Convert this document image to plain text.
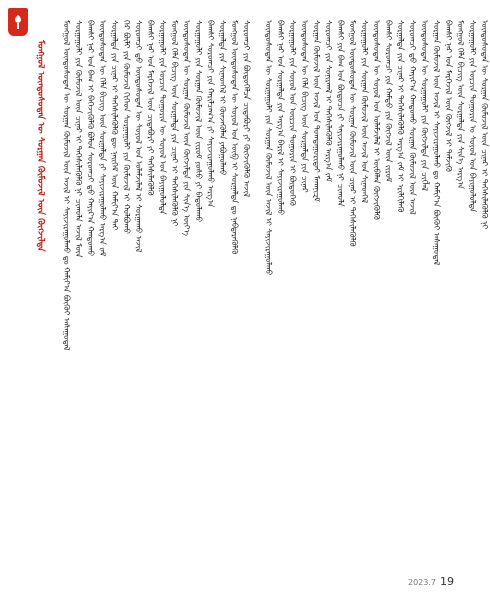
ᠮᠣᠩᠭᠣᠯ ᠦᠨᠳᠦᠰᠦᠲᠡᠨ ᠦ ᠰᠤᠷᠭᠠᠨ ᠬᠦᠮᠦᠵᠢᠯ ᠦᠨ ᠬᠥᠭᠵᠢᠯᠲᠡ ᠮᠣᠩᠭᠣᠯ ᠦᠨᠳᠦᠰᠦᠲᠡᠨ ᠦ ᠰᠤᠷᠭᠠᠨ ᠬᠦᠮᠦᠵᠢᠯ ᠦᠨ ᠠᠵᠢᠯ ᠢ ᠰᠠᠶᠢᠵᠢᠷᠠᠭᠤᠯᠬᠤ ᠳᠤ ᠬᠠᠮᠢᠶ᠎ᠠ ᠪᠦᠬᠦᠢ ᠠᠰᠠᠭᠤᠳᠠᠯ ᠰᠤᠷᠭᠠᠭᠤᠯᠢ ᠶᠢᠨ ᠬᠦᠮᠦᠵᠢᠯ ᠦᠨ ᠴᠢᠨᠠᠷ ᠢ ᠳᠡᠭᠡᠰᠢᠯᠡᠭᠦᠯᠬᠦ ᠨᠢ ᠴᠢᠬᠤᠯᠠ ᠠᠵᠢᠯ ᠮᠦᠨ ᠪᠠᠭᠰᠢ ᠨᠠᠷ ᠤᠨ ᠪᠠᠭ ᠢ ᠪᠡᠭᠡᠵᠢᠭᠦᠯᠬᠦ ᠪᠣᠯᠣᠨ ᠰᠤᠷᠤᠭᠴᠢ ᠳ᠋ᠤ ᠬᠠᠶᠢᠷ᠎ᠠ ᠬᠠᠨᠳᠤᠬᠤ ᠦᠨᠳᠦᠰᠦᠲᠡᠨ ᠦ ᠬᠡᠯᠡ ᠪᠢᠴᠢᠭ ᠦᠨ ᠰᠤᠷᠭᠠᠯᠲᠠ ᠶᠢ ᠰᠠᠶᠢᠵᠢᠷᠠᠭᠤᠯᠬᠤ ᠠᠷᠭ᠎ᠠ ᠵᠠᠮ ᠰᠤᠷᠭᠠᠯᠲᠠ ᠶᠢᠨ ᠴᠢᠨᠠᠷ ᠢ ᠳᠡᠭᠡᠰᠢᠯᠡᠭᠦᠯᠬᠦ ᠳᠦ ᠨᠡᠢᠭᠡᠮ ᠦᠨ ᠬᠠᠮᠢᠶ᠎ᠠ ᠲᠠᠢ ᠭᠡᠷ ᠪᠦᠯᠢ ᠶᠢᠨ ᠬᠦᠮᠦᠵᠢᠯ ᠬᠢᠭᠡᠳ ᠰᠤᠷᠭᠠᠭᠤᠯᠢ ᠶᠢᠨ ᠬᠦᠮᠦᠵᠢᠯ ᠢ ᠬᠣᠯᠪᠣᠬᠤ ᠰᠤᠷᠤᠭᠴᠢ ᠳ᠋ᠤ ᠦᠨᠳᠦᠰᠦᠲᠡᠨ ᠦ ᠰᠣᠶᠣᠯ ᠤᠨ ᠤᠯᠠᠮᠵᠢᠯᠠᠯ ᠢ ᠰᠤᠷᠭᠠᠬᠤ ᠠᠵᠢᠯ ᠪᠠᠭᠰᠢ ᠨᠠᠷ ᠤᠨ ᠮᠡᠷᠭᠡᠵᠢᠯ ᠦᠨ ᠴᠢᠳᠠᠪᠤᠷᠢ ᠶᠢ ᠳᠡᠭᠡᠰᠢᠯᠡᠭᠦᠯᠬᠦ ᠰᠤᠷᠭᠠᠭᠤᠯᠢ ᠶᠢᠨ ᠣᠷᠴᠢᠨ ᠲᠣᠭᠣᠷᠢᠨ ᠦ ᠰᠣᠶᠣᠯ ᠤᠨ ᠪᠠᠶᠢᠭᠤᠯᠤᠯᠲᠠ ᠮᠣᠩᠭᠣᠯ ᠬᠡᠯᠡ ᠪᠢᠴᠢᠭ ᠦᠨ ᠰᠤᠷᠭᠠᠯᠲᠠ ᠶᠢᠨ ᠴᠢᠨᠠᠷ ᠢ ᠳᠡᠭᠡᠰᠢᠯᠡᠭᠦᠯᠬᠦ ᠨᠢ ᠦᠨᠳᠦᠰᠦᠲᠡᠨ ᠦ ᠰᠤᠷᠭᠠᠨ ᠬᠦᠮᠦᠵᠢᠯ ᠦᠨ ᠬᠥᠭᠵᠢᠯᠲᠡ ᠶᠢᠨ ᠰᠢᠨ᠎ᠡ ᠦᠶ᠎ᠡ ᠰᠤᠷᠭᠠᠭᠤᠯᠢ ᠶᠢᠨ ᠰᠤᠷᠭᠠᠨ ᠬᠦᠮᠦᠵᠢᠯ ᠦᠨ ᠵᠢᠷᠤᠮ ᠶᠣᠰᠤ ᠶᠢ ᠪᠠᠲᠤᠯᠠᠬᠤ ᠪᠠᠭᠰᠢ ᠰᠤᠷᠤᠭᠴᠢ ᠶᠢᠨ ᠬᠠᠷᠢᠯᠴᠠᠭ᠎ᠠ ᠶᠢ ᠰᠠᠶᠢᠵᠢᠷᠠᠭᠤᠯᠬᠤ ᠠᠷᠭ᠎ᠠ ᠰᠤᠷᠭᠠᠯᠲᠠ ᠶᠢᠨ ᠰᠢᠨᠡᠳᠬᠡᠯ ᠢ ᠭᠦᠨᠵᠡᠭᠦᠯᠡᠨ ᠶᠠᠪᠤᠭᠤᠯᠬᠤ ᠮᠣᠩᠭᠣᠯ ᠦᠨᠳᠦᠰᠦᠲᠡᠨ ᠦ ᠰᠣᠶᠣᠯ ᠤᠨ ᠦᠪ ᠢ ᠰᠤᠷᠭᠠᠯᠲᠠ ᠳᠤ ᠨᠡᠪᠲᠡᠷᠡᠭᠦᠯᠬᠦ ᠰᠤᠷᠤᠭᠴᠢ ᠶᠢᠨ ᠪᠦᠲᠦᠭᠡᠯᠴᠡ ᠴᠢᠳᠠᠪᠤᠷᠢ ᠶᠢ ᠬᠥᠭᠵᠢᠭᠦᠯᠬᠦ ᠠᠵᠢᠯ ᠦᠨᠳᠦᠰᠦᠲᠡᠨ ᠦ ᠰᠤᠷᠭᠠᠭᠤᠯᠢ ᠶᠢᠨ ᠰᠤᠷᠭᠠᠨ ᠬᠦᠮᠦᠵᠢᠯ ᠦᠨ ᠠᠵᠢᠯ ᠢ ᠰᠠᠶᠢᠵᠢᠷᠠᠭᠤᠯᠬᠤ ᠪᠠᠭᠰᠢ ᠨᠠᠷ ᠤᠨ ᠰᠤᠷᠭᠠᠯᠲᠠ ᠶᠢᠨ ᠠᠷᠭ᠎ᠠ ᠪᠠᠷᠢᠯ ᠢ ᠰᠠᠶᠢᠵᠢᠷᠠᠭᠤᠯᠬᠤ ᠰᠤᠷᠭᠠᠭᠤᠯᠢ ᠶᠢᠨ ᠰᠣᠶᠣᠯ ᠤᠨ ᠥᠷᠴᠢᠨ ᠲᠣᠭᠣᠷᠢᠨ ᠢ ᠪᠦᠲᠦᠭᠡᠬᠦ ᠦᠨᠳᠦᠰᠦᠲᠡᠨ ᠦ ᠬᠡᠯᠡ ᠪᠢᠴᠢᠭ ᠦᠨ ᠰᠤᠷᠭᠠᠯᠲᠠ ᠶᠢᠨ ᠴᠢᠨᠠᠷ ᠰᠤᠷᠭᠠᠨ ᠬᠦᠮᠦᠵᠢᠯ ᠦᠨ ᠠᠵᠢᠯ ᠤᠨ ᠲᠣᠭᠲᠠᠭᠤᠷᠢᠲᠠᠢ ᠮᠡᠬᠠᠨᠢᠽᠮ ᠰᠤᠷᠤᠭᠴᠢ ᠶᠢᠨ ᠰᠣᠨᠢᠷᠬᠠᠯ ᠢ ᠳᠡᠭᠡᠰᠢᠯᠡᠭᠦᠯᠬᠦ ᠠᠷᠭ᠎ᠠ ᠵᠠᠮ ᠪᠠᠭᠰᠢ ᠶᠢᠨ ᠪᠠᠭ ᠤᠨ ᠪᠦᠲᠦᠴᠡ ᠶᠢ ᠰᠠᠶᠢᠵᠢᠷᠠᠭᠤᠯᠬᠤ ᠨᠢ ᠴᠢᠬᠤᠯᠠ ᠮᠣᠩᠭᠣᠯ ᠦᠨᠳᠦᠰᠦᠲᠡᠨ ᠦ ᠰᠤᠷᠭᠠᠨ ᠬᠦᠮᠦᠵᠢᠯ ᠦᠨ ᠴᠢᠨᠠᠷ ᠢ ᠳᠡᠭᠡᠰᠢᠯᠡᠭᠦᠯᠬᠦ ᠰᠤᠷᠭᠠᠭᠤᠯᠢ ᠶᠢᠨ ᠰᠤᠷᠭᠠᠨ ᠬᠦᠮᠦᠵᠢᠯ ᠦᠨ ᠠᠵᠢᠯ ᠤᠨ ᠰᠢᠨᠡᠳᠬᠡᠯ ᠦᠨᠳᠦᠰᠦᠲᠡᠨ ᠦ ᠰᠣᠶᠣᠯ ᠤᠨ ᠤᠯᠠᠮᠵᠢᠯᠠᠯ ᠢ ᠥᠪᠡᠯᠡᠨ ᠬᠥᠭᠵᠢᠭᠦᠯᠬᠦ ᠪᠠᠭᠰᠢ ᠰᠤᠷᠤᠭᠴᠢ ᠶᠢᠨ ᠬᠠᠮᠲᠤ ᠶᠢᠨ ᠬᠥᠭᠵᠢᠯ ᠦᠨ ᠵᠢᠷᠤᠮ ᠰᠤᠷᠭᠠᠯᠲᠠ ᠶᠢᠨ ᠴᠢᠨᠠᠷ ᠢ ᠳᠡᠭᠡᠰᠢᠯᠡᠭᠦᠯᠬᠦ ᠠᠷᠭ᠎ᠠ ᠵᠠᠮ ᠢ ᠡᠷᠢᠯᠬᠢᠯᠡᠬᠦ ᠰᠤᠷᠤᠭᠴᠢ ᠳ᠋ᠤ ᠬᠠᠶᠢᠷ᠎ᠠ ᠬᠠᠨᠳᠤᠬᠤ ᠰᠤᠷᠭᠠᠨ ᠬᠦᠮᠦᠵᠢᠯ ᠦᠨ ᠠᠵᠢᠯ ᠦᠨᠳᠦᠰᠦᠲᠡᠨ ᠦ ᠰᠤᠷᠭᠠᠭᠤᠯᠢ ᠶᠢᠨ ᠬᠥᠭᠵᠢᠯᠲᠡ ᠶᠢᠨ ᠴᠢᠭᠯᠡᠯ ᠰᠤᠷᠭᠠᠨ ᠬᠦᠮᠦᠵᠢᠯ ᠦᠨ ᠠᠵᠢᠯ ᠢ ᠰᠠᠶᠢᠵᠢᠷᠠᠭᠤᠯᠬᠤ ᠳᠤ ᠬᠠᠮᠢᠶ᠎ᠠ ᠪᠦᠬᠦᠢ ᠠᠰᠠᠭᠤᠳᠠᠯ ᠪᠠᠭᠰᠢ ᠨᠠᠷ ᠤᠨ ᠮᠡᠷᠭᠡᠵᠢᠯ ᠦᠨ ᠬᠥᠭᠵᠢᠯ ᠢ ᠳᠡᠮᠵᠢᠬᠦ ᠮᠣᠩᠭᠣᠯ ᠬᠡᠯᠡ ᠪᠢᠴᠢᠭ ᠦᠨ ᠰᠤᠷᠭᠠᠯᠲᠠ ᠶᠢᠨ ᠰᠢᠨ᠎ᠡ ᠠᠷᠭ᠎ᠠ ᠰᠤᠷᠭᠠᠭᠤᠯᠢ ᠶᠢᠨ ᠣᠷᠴᠢᠨ ᠲᠣᠭᠣᠷᠢᠨ ᠤ ᠰᠣᠶᠣᠯ ᠤᠨ ᠪᠠᠶᠢᠭᠤᠯᠤᠯᠲᠠ ᠦᠨᠳᠦᠰᠦᠲᠡᠨ ᠦ ᠰᠤᠷᠭᠠᠨ ᠬᠦᠮᠦᠵᠢᠯ ᠦᠨ ᠴᠢᠨᠠᠷ ᠢ ᠳᠡᠭᠡᠰᠢᠯᠡᠭᠦᠯᠬᠦ ᠨᠢ
2023.7 19
